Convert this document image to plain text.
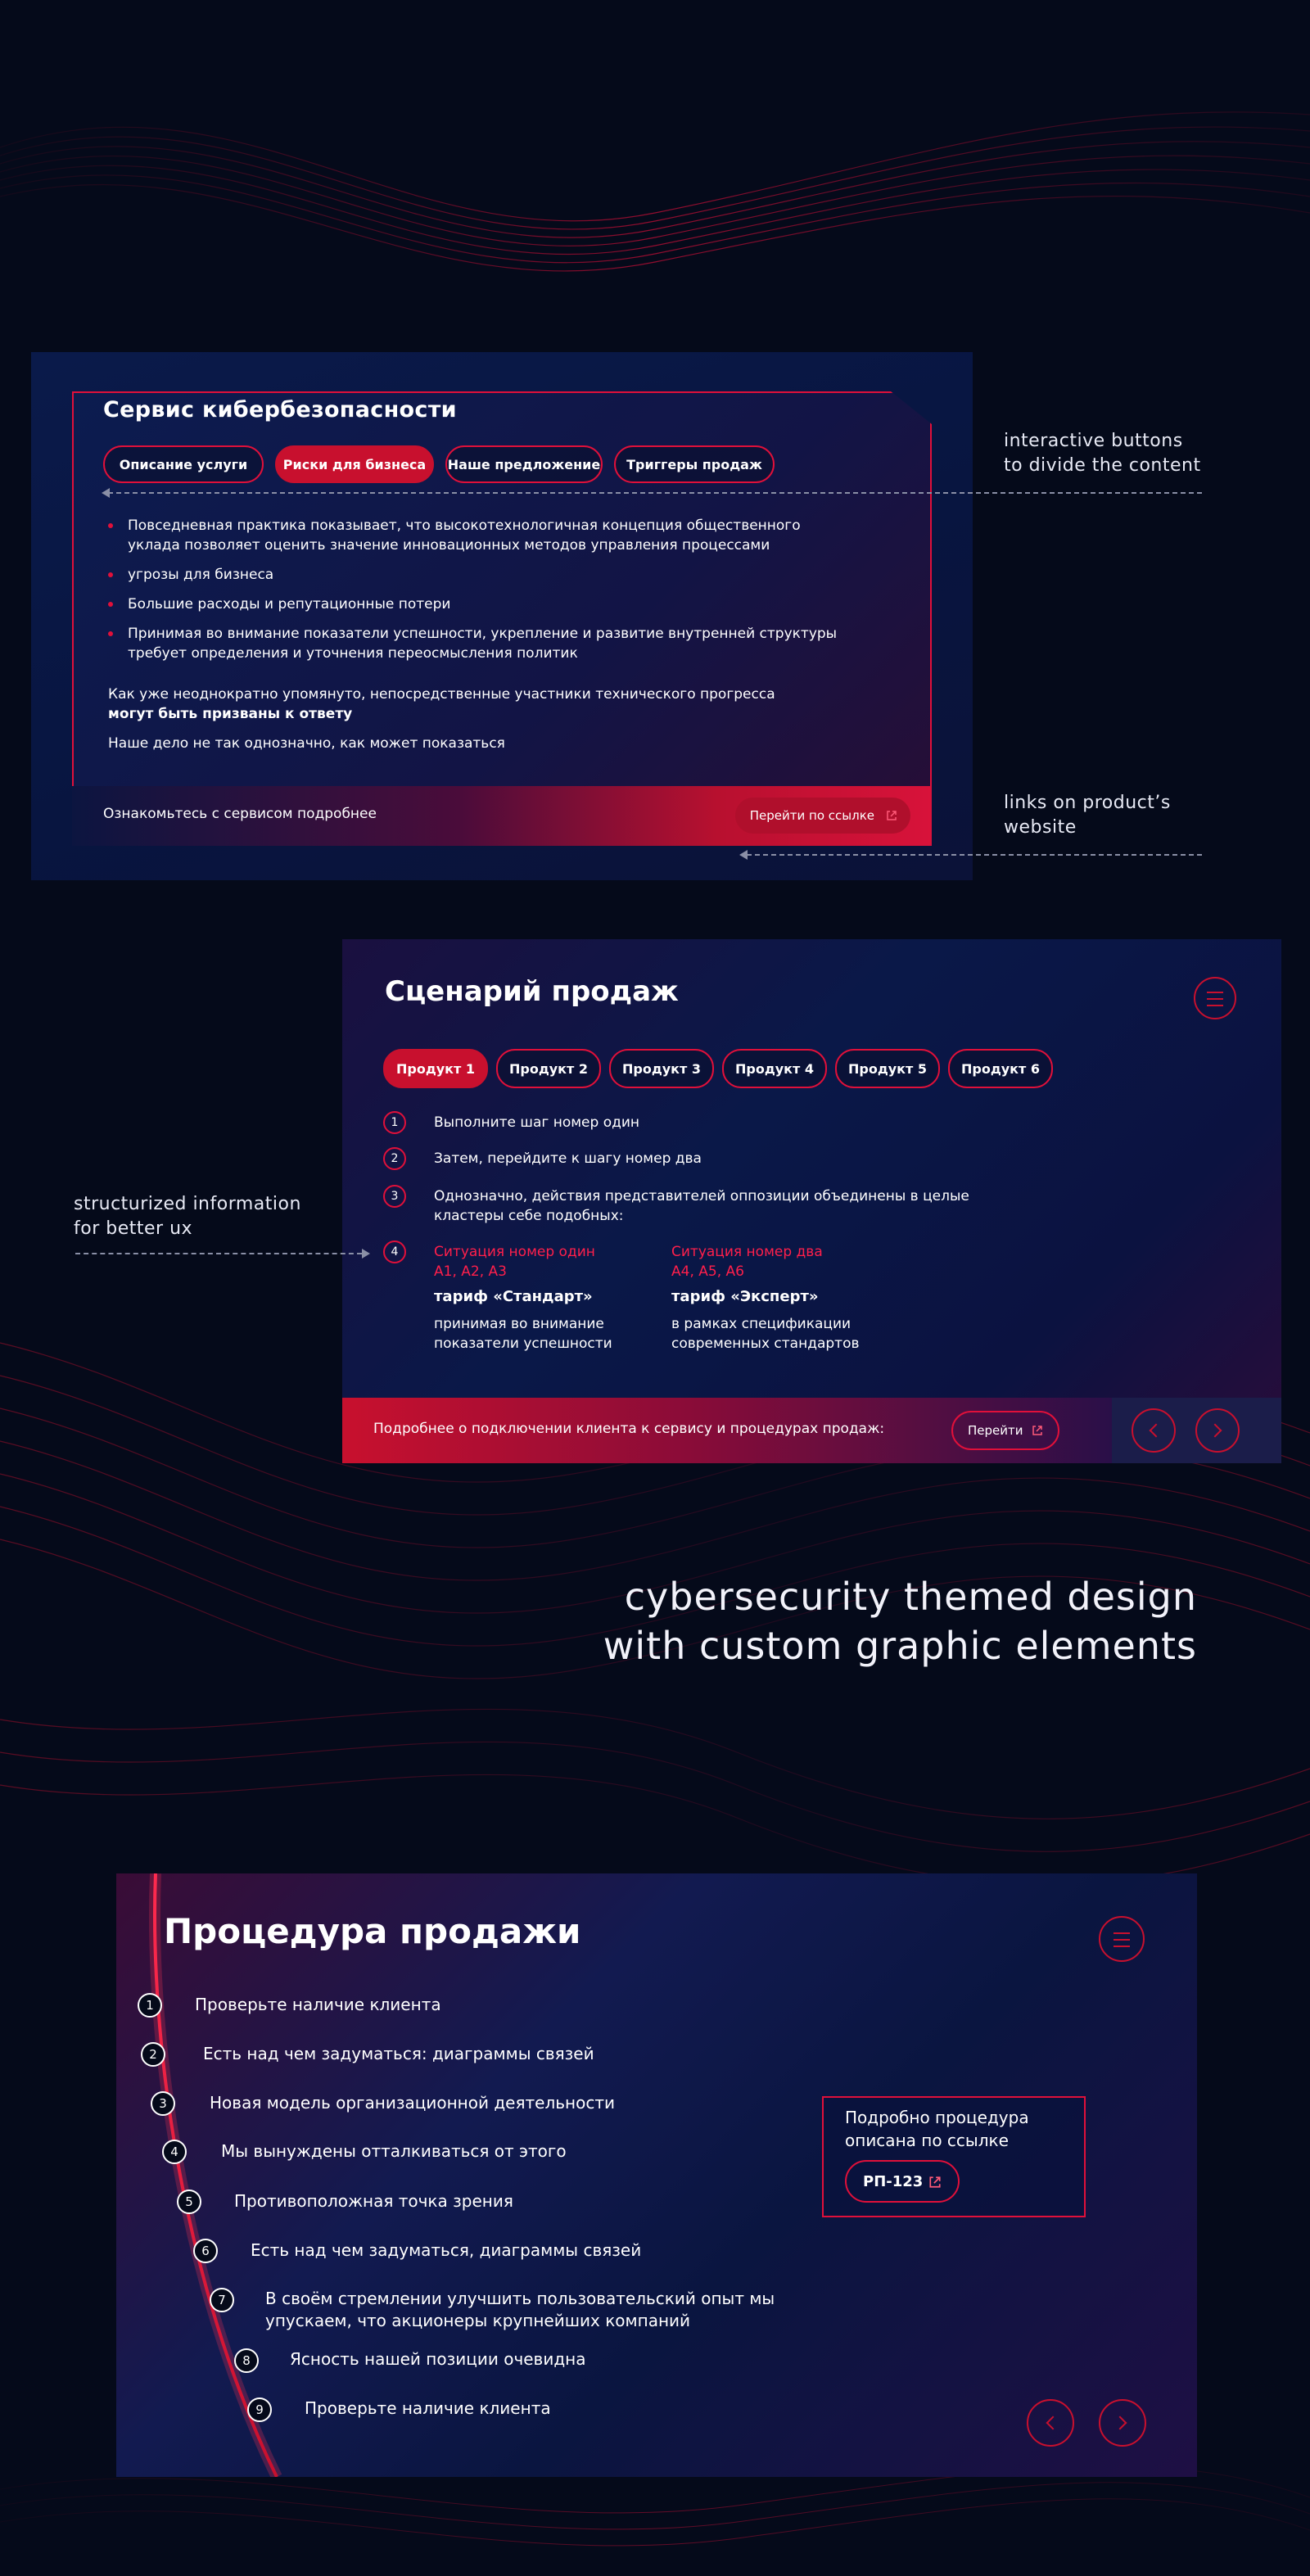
Сервис кибербезопасности
Описание услуги	Риски для бизнеса	Наше предложение	Триггеры продаж
Повседневная практика показывает, что высокотехнологичная концепция общественного уклада позволяет оценить значение инновационных методов управления процессами
угрозы для бизнеса
Большие расходы и репутационные потери
Принимая во внимание показатели успешности, укрепление и развитие внутренней структуры требует определения и уточнения переосмысления политик
Как уже неоднократно упомянуто, непосредственные участники технического прогресса
могут быть призваны к ответу
Наше дело не так однозначно, как может показаться
Ознакомьтесь с сервисом подробнее	Перейти по ссылке
interactive buttons
to divide the content
links on product’s
website
Сценарий продаж
Продукт 1	Продукт 2	Продукт 3	Продукт 4	Продукт 5	Продукт 6
1	Выполните шаг номер один
2	Затем, перейдите к шагу номер два
3	Однозначно, действия представителей оппозиции объединены в целые
кластеры себе подобных:
4	Ситуация номер один
A1, A2, A3
тариф «Стандарт»
принимая во внимание
показатели успешности
Ситуация номер два
A4, A5, A6
тариф «Эксперт»
в рамках спецификации
современных стандартов
Подробнее о подключении клиента к сервису и процедурах продаж:	Перейти
structurized information
for better ux
cybersecurity themed design
with custom graphic elements
Процедура продажи
1	Проверьте наличие клиента
2	Есть над чем задуматься: диаграммы связей
3	Новая модель организационной деятельности
4	Мы вынуждены отталкиваться от этого
5	Противоположная точка зрения
6	Есть над чем задуматься, диаграммы связей
7	В своём стремлении улучшить пользовательский опыт мы
упускаем, что акционеры крупнейших компаний
8	Ясность нашей позиции очевидна
9	Проверьте наличие клиента
Подробно процедура
описана по ссылке
РП-123
